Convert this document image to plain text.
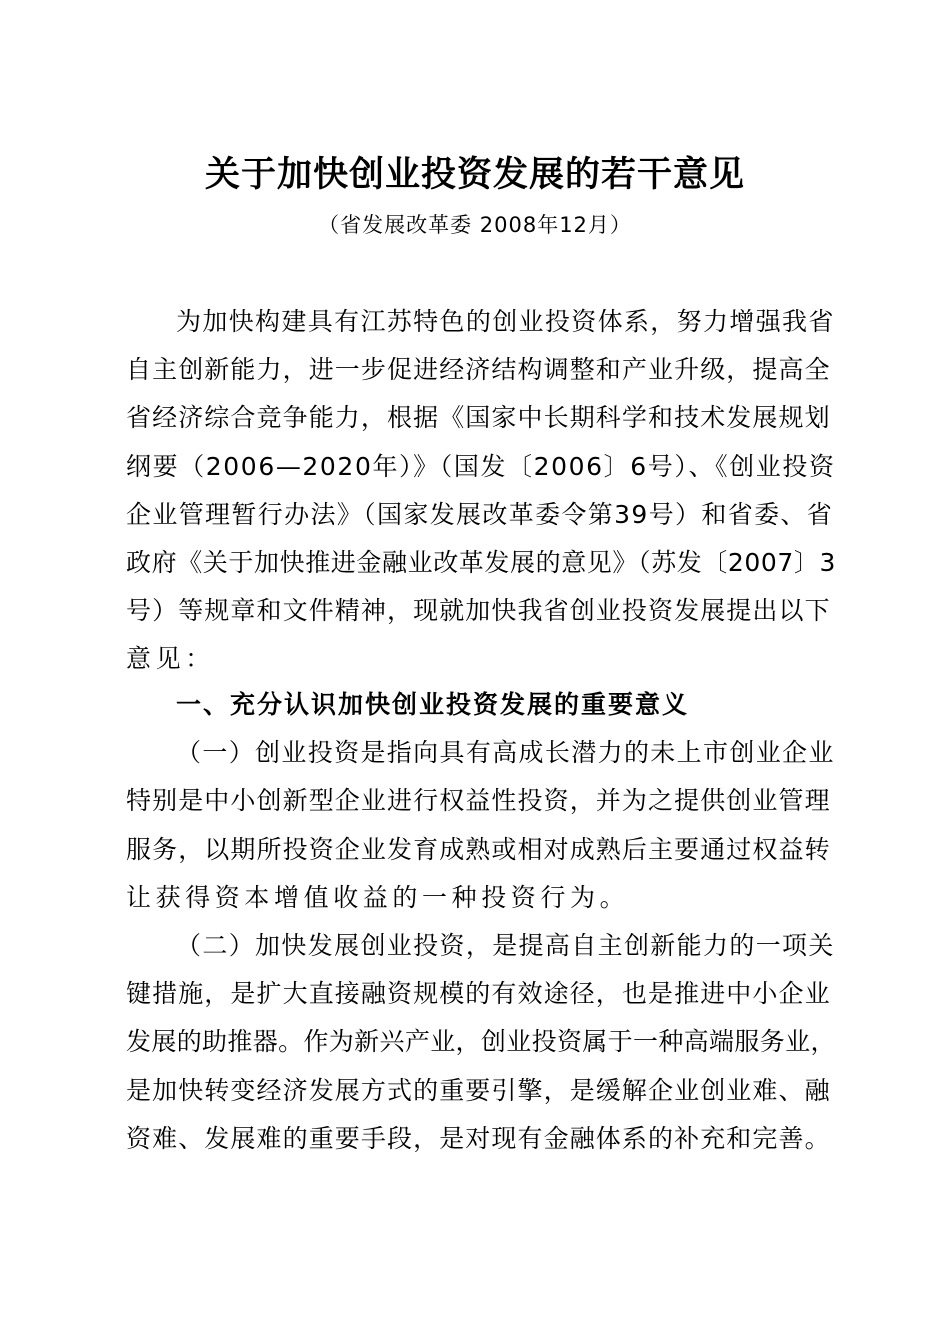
关于加快创业投资发展的若干意见
（省发展改革委 2008年12月）
为加快构建具有江苏特色的创业投资体系，努力增强我省
自主创新能力，进一步促进经济结构调整和产业升级，提高全
省经济综合竞争能力，根据《国家中长期科学和技术发展规划
纲要（2006—2020年）》（国发〔2006〕6号）、《创业投资
企业管理暂行办法》（国家发展改革委令第39号）和省委、省
政府《关于加快推进金融业改革发展的意见》（苏发〔2007〕3
号）等规章和文件精神，现就加快我省创业投资发展提出以下
意见：
一、充分认识加快创业投资发展的重要意义
（一）创业投资是指向具有高成长潜力的未上市创业企业
特别是中小创新型企业进行权益性投资，并为之提供创业管理
服务，以期所投资企业发育成熟或相对成熟后主要通过权益转
让获得资本增值收益的一种投资行为。
（二）加快发展创业投资，是提高自主创新能力的一项关
键措施，是扩大直接融资规模的有效途径，也是推进中小企业
发展的助推器。作为新兴产业，创业投资属于一种高端服务业，
是加快转变经济发展方式的重要引擎，是缓解企业创业难、融
资难、发展难的重要手段，是对现有金融体系的补充和完善。
